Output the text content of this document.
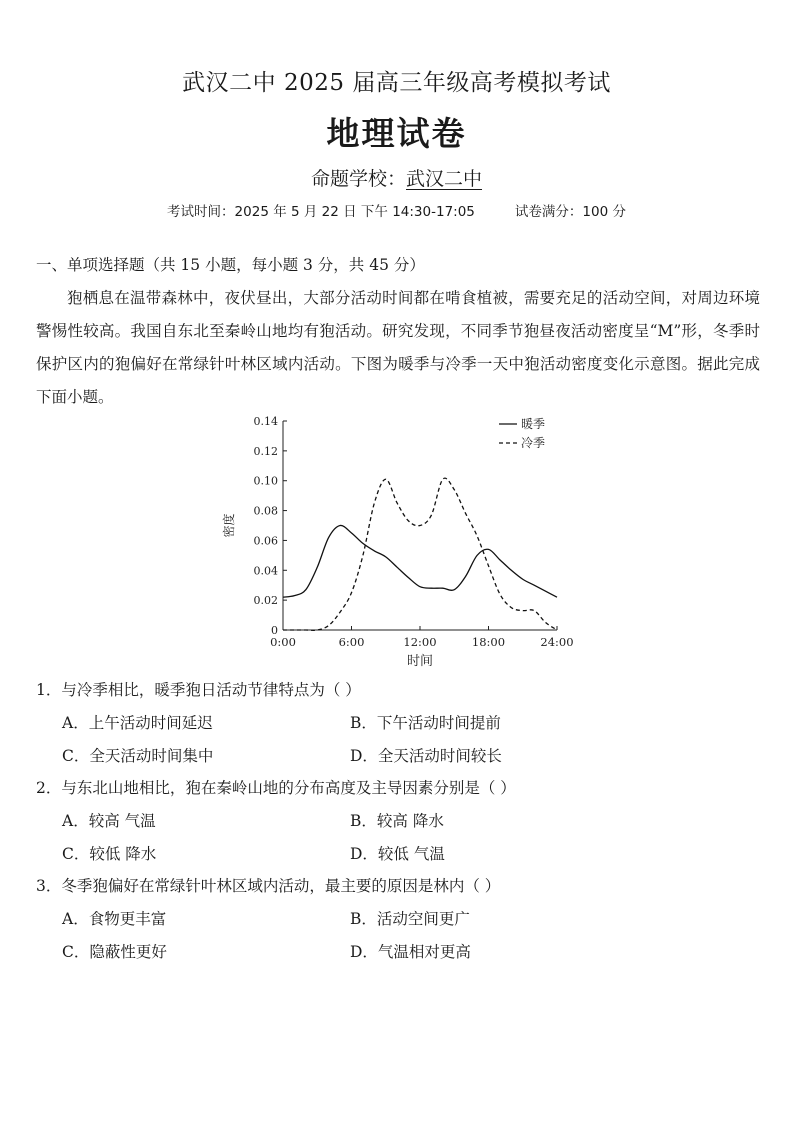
武汉二中 2025 届高三年级高考模拟考试
地理试卷
命题学校：武汉二中
考试时间：2025 年 5 月 22 日 下午 14:30-17:05	试卷满分：100 分
一、单项选择题（共 15 小题，每小题 3 分，共 45 分）
狍栖息在温带森林中，夜伏昼出，大部分活动时间都在啃食植被，需要充足的活动空间，对周边环境警惕性较高。我国自东北至秦岭山地均有狍活动。研究发现，不同季节狍昼夜活动密度呈“M”形，冬季时保护区内的狍偏好在常绿针叶林区域内活动。下图为暖季与冷季一天中狍活动密度变化示意图。据此完成下面小题。
0
0.02
0.04
0.06
0.08
0.10
0.12
0.14
0:00	6:00	12:00	18:00	24:00
时间
密度
暖季
冷季
1．与冷季相比，暖季狍日活动节律特点为（ ）
A．上午活动时间延迟	B．下午活动时间提前
C．全天活动时间集中	D．全天活动时间较长
2．与东北山地相比，狍在秦岭山地的分布高度及主导因素分别是（ ）
A．较高 气温	B．较高 降水
C．较低 降水	D．较低 气温
3．冬季狍偏好在常绿针叶林区域内活动，最主要的原因是林内（ ）
A．食物更丰富	B．活动空间更广
C．隐蔽性更好	D．气温相对更高
